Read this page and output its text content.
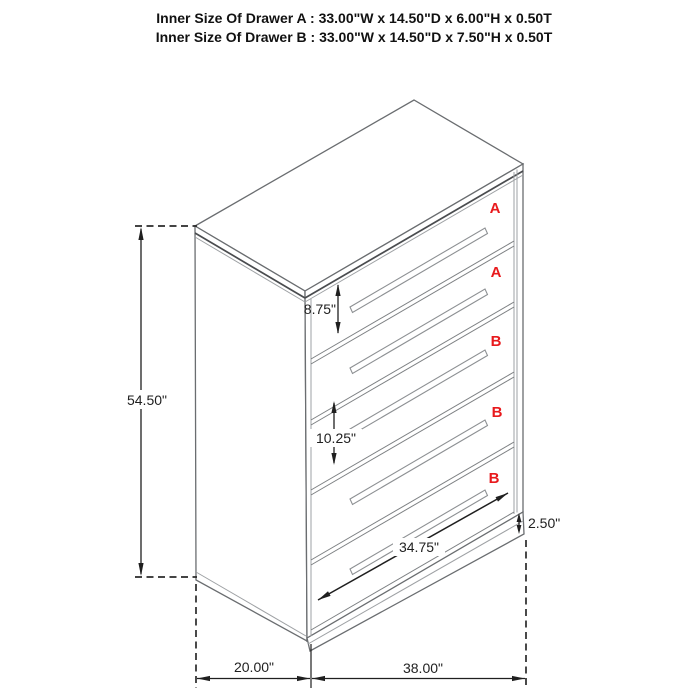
Inner Size Of Drawer A : 33.00"W x 14.50"D x 6.00"H x 0.50T
Inner Size Of Drawer B : 33.00"W x 14.50"D x 7.50"H x 0.50T
A
A
B
B
B
54.50"
8.75"
10.25"
2.50"
34.75"
20.00"	38.00"
